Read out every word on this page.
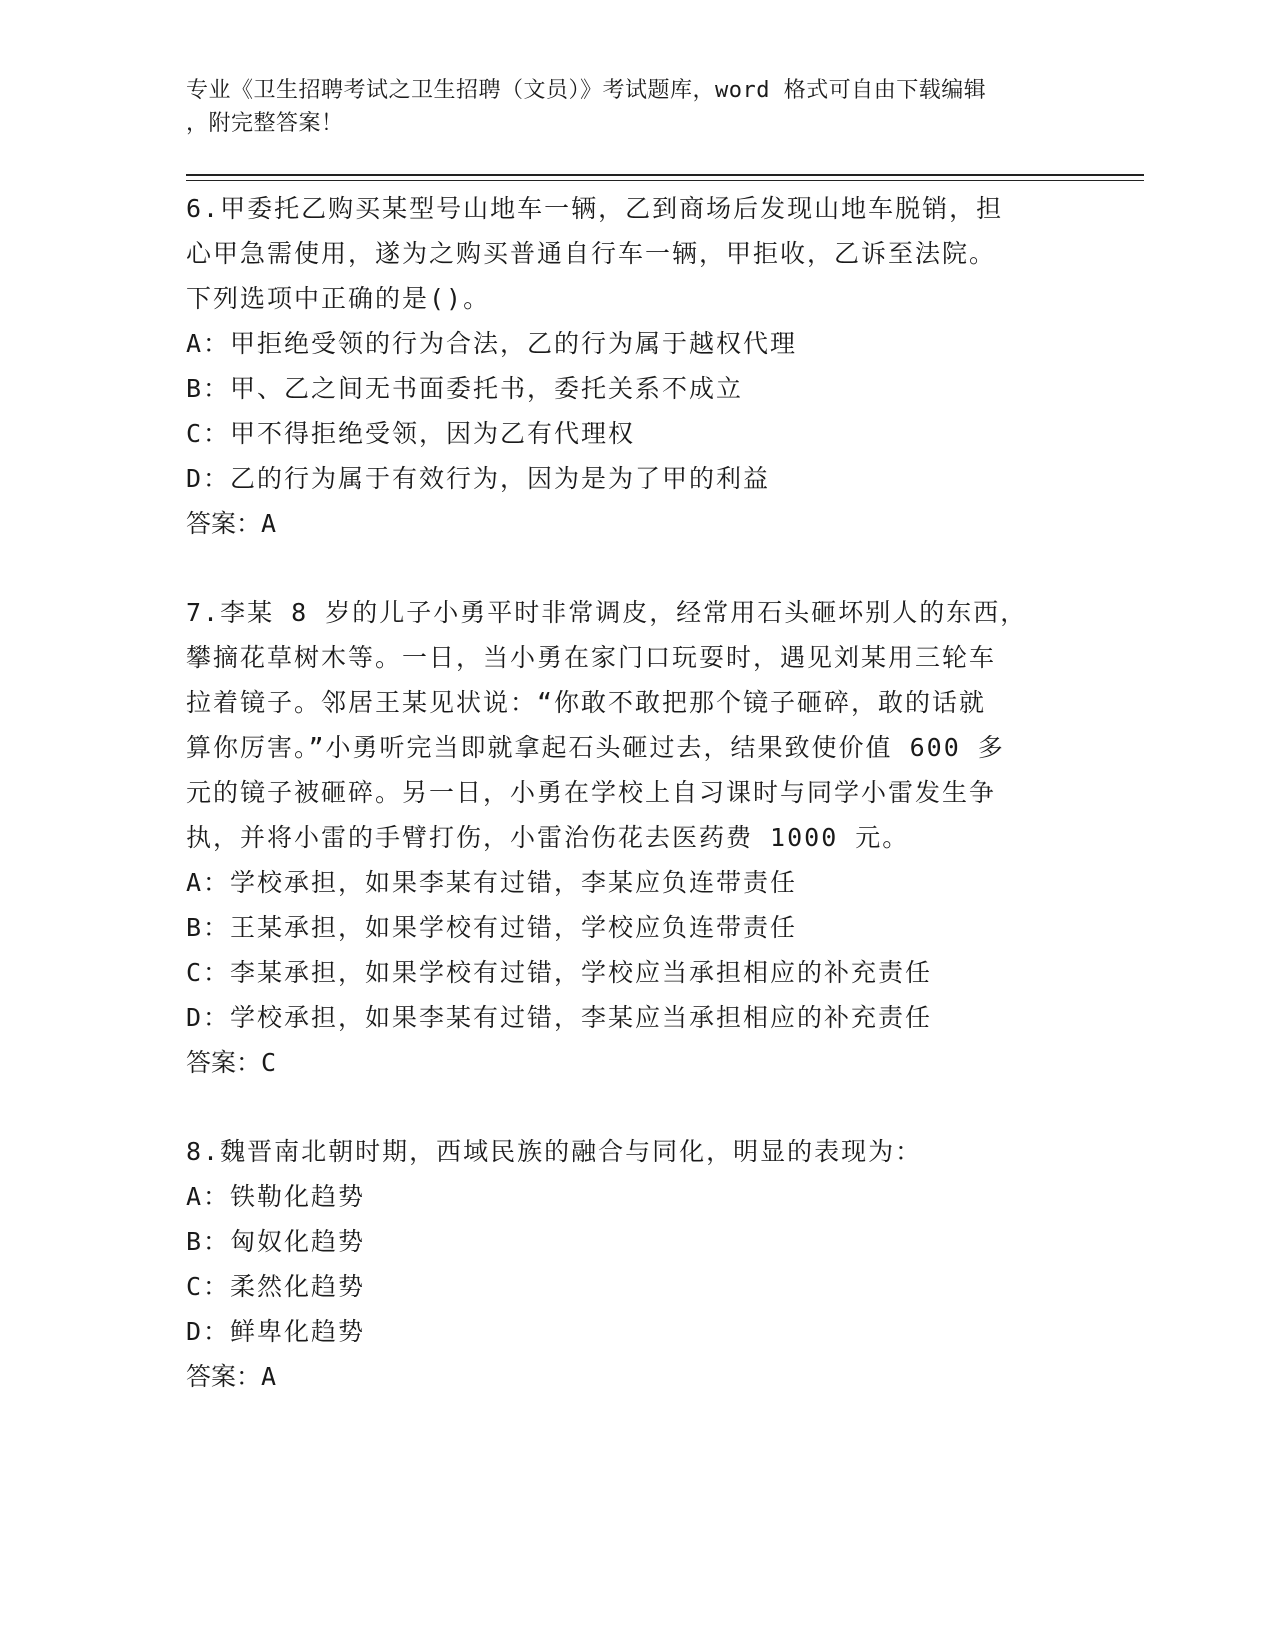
专业《卫生招聘考试之卫生招聘（文员）》考试题库，word 格式可自由下载编辑

，附完整答案！

6.甲委托乙购买某型号山地车一辆，乙到商场后发现山地车脱销，担

心甲急需使用，遂为之购买普通自行车一辆，甲拒收，乙诉至法院。

下列选项中正确的是()。

A：甲拒绝受领的行为合法，乙的行为属于越权代理

B：甲、乙之间无书面委托书，委托关系不成立

C：甲不得拒绝受领，因为乙有代理权

D：乙的行为属于有效行为，因为是为了甲的利益

答案：A

7.李某 8 岁的儿子小勇平时非常调皮，经常用石头砸坏别人的东西，

攀摘花草树木等。一日，当小勇在家门口玩耍时，遇见刘某用三轮车

拉着镜子。邻居王某见状说：“你敢不敢把那个镜子砸碎，敢的话就

算你厉害。”小勇听完当即就拿起石头砸过去，结果致使价值 600 多

元的镜子被砸碎。另一日，小勇在学校上自习课时与同学小雷发生争

执，并将小雷的手臂打伤，小雷治伤花去医药费 1000 元。

A：学校承担，如果李某有过错，李某应负连带责任

B：王某承担，如果学校有过错，学校应负连带责任

C：李某承担，如果学校有过错，学校应当承担相应的补充责任

D：学校承担，如果李某有过错，李某应当承担相应的补充责任

答案：C

8.魏晋南北朝时期，西域民族的融合与同化，明显的表现为：

A：铁勒化趋势

B：匈奴化趋势

C：柔然化趋势

D：鲜卑化趋势

答案：A
